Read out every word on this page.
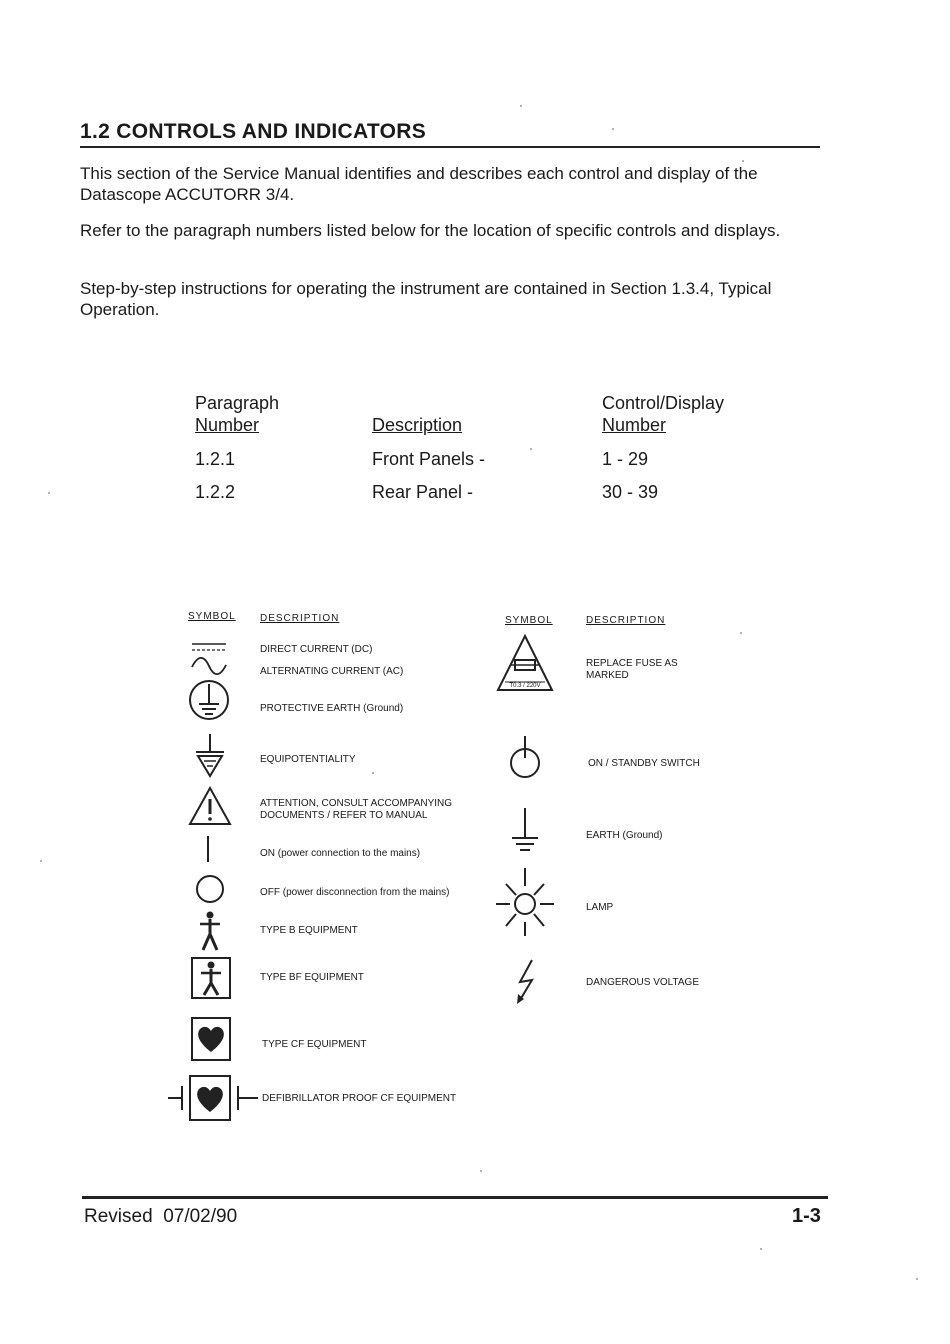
1.2 CONTROLS AND INDICATORS
This section of the Service Manual identifies and describes each control and display of the Datascope ACCUTORR 3/4.
Refer to the paragraph numbers listed below for the location of specific controls and displays.
Step-by-step instructions for operating the instrument are contained in Section 1.3.4, Typical Operation.
Paragraph
Number	Description
Control/Display
Number
1.2.1	Front Panels -	1 - 29
1.2.2	Rear Panel -	30 - 39
SYMBOL DESCRIPTION	SYMBOL	DESCRIPTION
DIRECT CURRENT (DC)
ALTERNATING CURRENT (AC)
PROTECTIVE EARTH (Ground)
EQUIPOTENTIALITY
ATTENTION, CONSULT ACCOMPANYING DOCUMENTS / REFER TO MANUAL
ON (power connection to the mains)
OFF (power disconnection from the mains)
TYPE B EQUIPMENT
TYPE BF EQUIPMENT
TYPE CF EQUIPMENT
DEFIBRILLATOR PROOF CF EQUIPMENT
T0.3 / 220V
REPLACE FUSE AS MARKED
ON / STANDBY SWITCH
EARTH (Ground)
LAMP
DANGEROUS VOLTAGE
Revised  07/02/90	1-3
